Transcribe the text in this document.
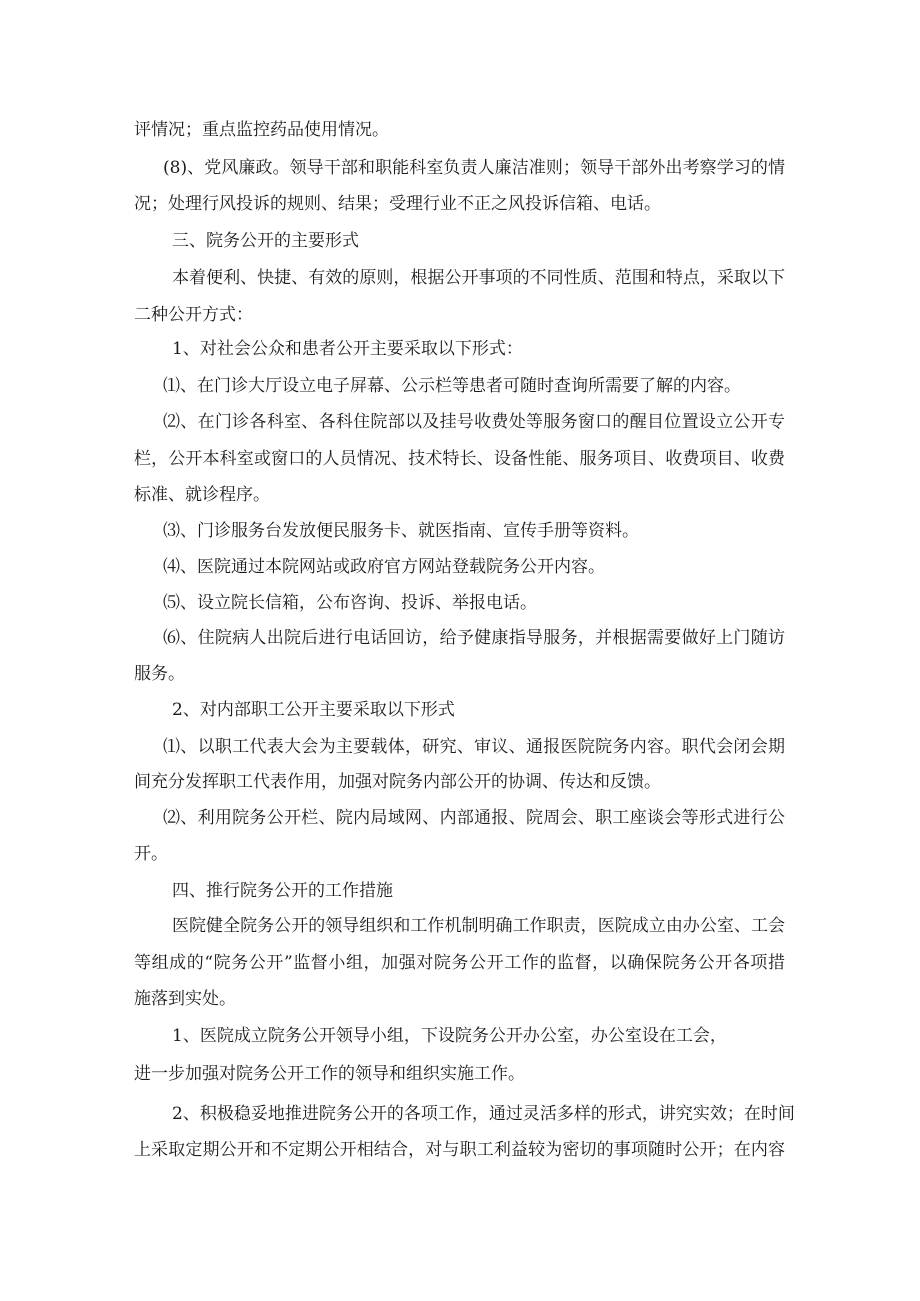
评情况；重点监控药品使用情况。
(8)、党风廉政。领导干部和职能科室负责人廉洁准则；领导干部外出考察学习的情
况；处理行风投诉的规则、结果；受理行业不正之风投诉信箱、电话。
三、院务公开的主要形式
本着便利、快捷、有效的原则，根据公开事项的不同性质、范围和特点，采取以下
二种公开方式：
1、对社会公众和患者公开主要采取以下形式：
⑴、在门诊大厅设立电子屏幕、公示栏等患者可随时查询所需要了解的内容。
⑵、在门诊各科室、各科住院部以及挂号收费处等服务窗口的醒目位置设立公开专
栏，公开本科室或窗口的人员情况、技术特长、设备性能、服务项目、收费项目、收费
标准、就诊程序。
⑶、门诊服务台发放便民服务卡、就医指南、宣传手册等资料。
⑷、医院通过本院网站或政府官方网站登载院务公开内容。
⑸、设立院长信箱，公布咨询、投诉、举报电话。
⑹、住院病人出院后进行电话回访，给予健康指导服务，并根据需要做好上门随访
服务。
2、对内部职工公开主要采取以下形式
⑴、以职工代表大会为主要载体，研究、审议、通报医院院务内容。职代会闭会期
间充分发挥职工代表作用，加强对院务内部公开的协调、传达和反馈。
⑵、利用院务公开栏、院内局域网、内部通报、院周会、职工座谈会等形式进行公
开。
四、推行院务公开的工作措施
医院健全院务公开的领导组织和工作机制明确工作职责，医院成立由办公室、工会
等组成的“院务公开”监督小组，加强对院务公开工作的监督，以确保院务公开各项措
施落到实处。
1、医院成立院务公开领导小组，下设院务公开办公室，办公室设在工会，
进一步加强对院务公开工作的领导和组织实施工作。
2、积极稳妥地推进院务公开的各项工作，通过灵活多样的形式，讲究实效；在时间
上采取定期公开和不定期公开相结合，对与职工利益较为密切的事项随时公开；在内容
